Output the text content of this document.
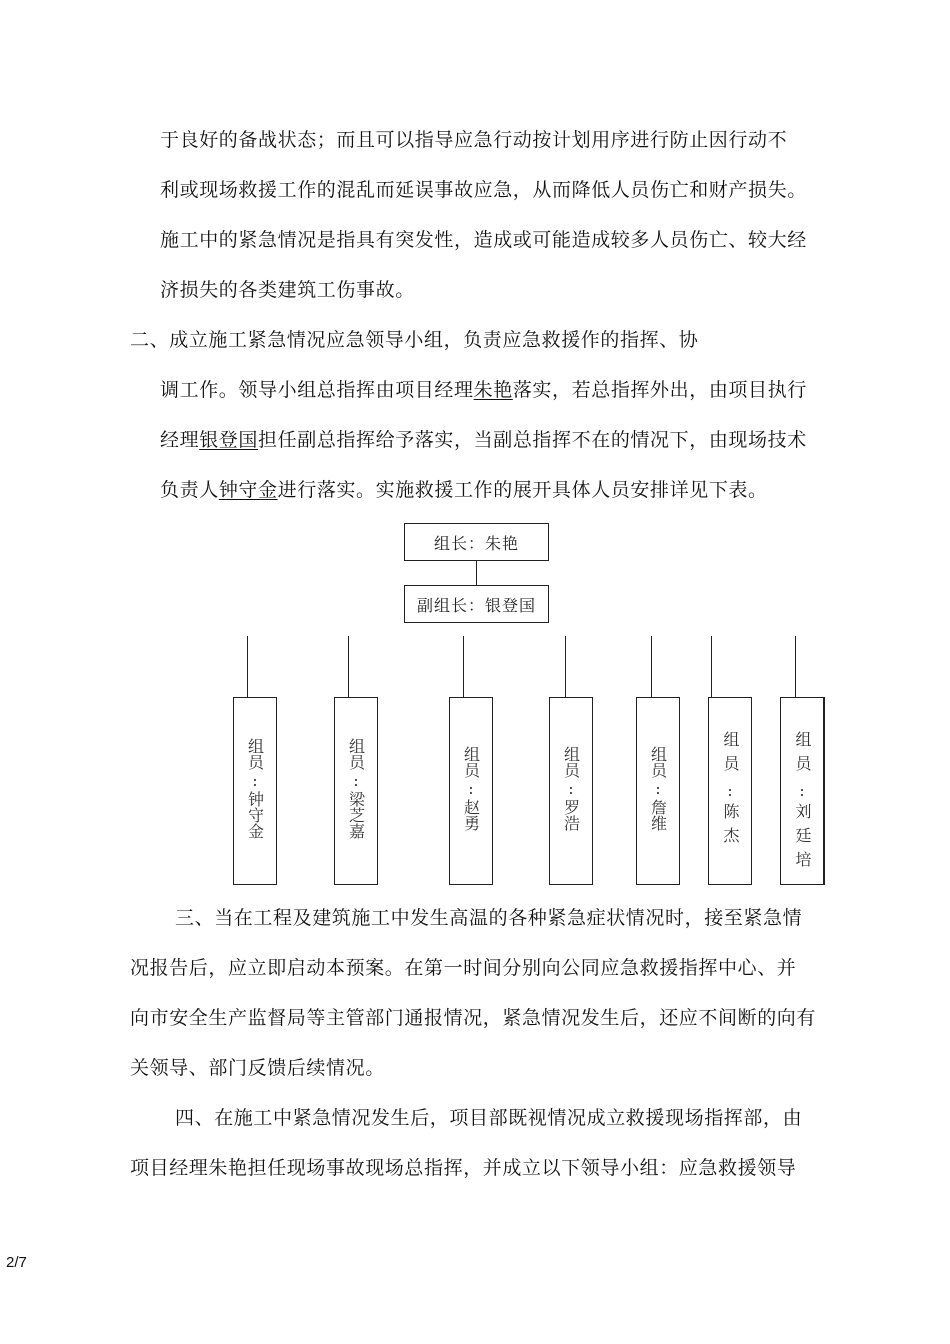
于良好的备战状态；而且可以指导应急行动按计划用序进行防止因行动不
利或现场救援工作的混乱而延误事故应急，从而降低人员伤亡和财产损失。
施工中的紧急情况是指具有突发性，造成或可能造成较多人员伤亡、较大经
济损失的各类建筑工伤事故。
二、成立施工紧急情况应急领导小组，负责应急救援作的指挥、协
调工作。领导小组总指挥由项目经理朱艳落实，若总指挥外出，由项目执行
经理银登国担任副总指挥给予落实，当副总指挥不在的情况下，由现场技术
负责人钟守金进行落实。实施救援工作的展开具体人员安排详见下表。
组长：朱艳
副组长：银登国
组员
:
钟守金
组员
:
梁芝嘉
组员
:
赵勇
组员
:
罗浩
组员
:
詹维
组员
:
陈杰
组员
:
刘廷培
三、当在工程及建筑施工中发生高温的各种紧急症状情况时，接至紧急情
况报告后，应立即启动本预案。在第一时间分别向公同应急救援指挥中心、并
向市安全生产监督局等主管部门通报情况，紧急情况发生后，还应不间断的向有
关领导、部门反馈后续情况。
四、在施工中紧急情况发生后，项目部既视情况成立救援现场指挥部，由
项目经理朱艳担任现场事故现场总指挥，并成立以下领导小组：应急救援领导
2/7
